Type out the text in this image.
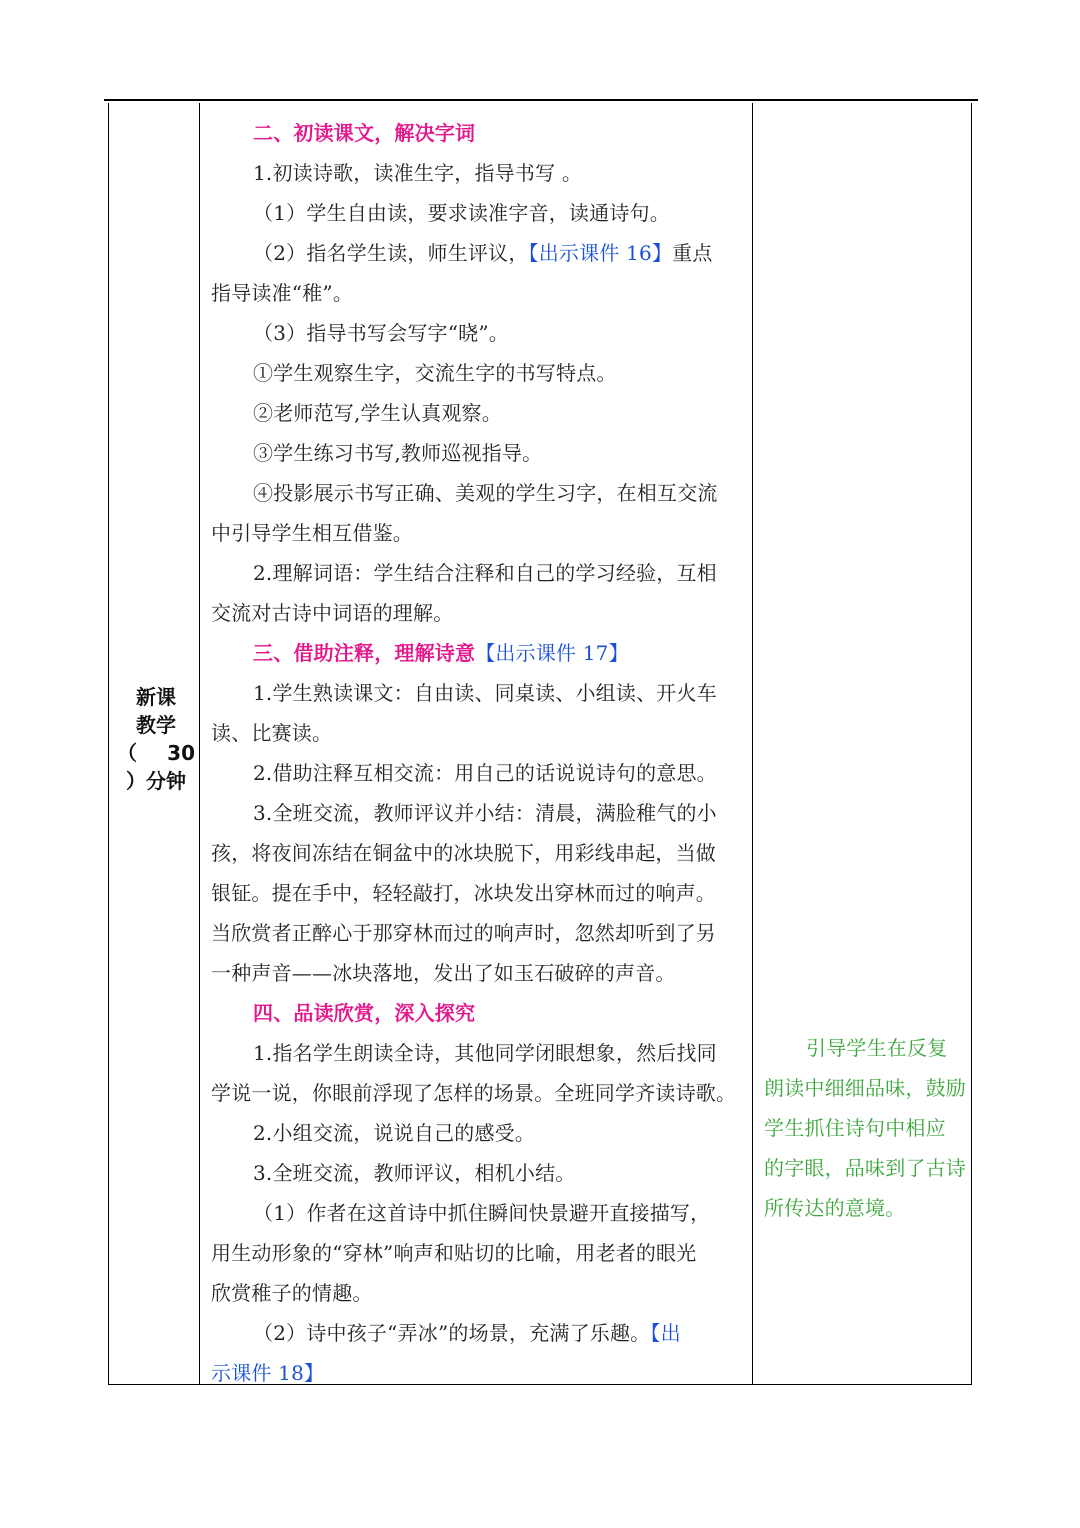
新课
教学
（ 30
）分钟

二、初读课文，解决字词

1.初读诗歌，读准生字，指导书写 。

（1）学生自由读，要求读准字音，读通诗句。

（2）指名学生读，师生评议，【出示课件 16】重点

指导读准“稚”。

（3）指导书写会写字“晓”。

①学生观察生字，交流生字的书写特点。

②老师范写,学生认真观察。

③学生练习书写,教师巡视指导。

④投影展示书写正确、美观的学生习字，在相互交流

中引导学生相互借鉴。

2.理解词语：学生结合注释和自己的学习经验，互相

交流对古诗中词语的理解。

三、借助注释，理解诗意【出示课件 17】

1.学生熟读课文：自由读、同桌读、小组读、开火车

读、比赛读。

2.借助注释互相交流：用自己的话说说诗句的意思。

3.全班交流，教师评议并小结：清晨，满脸稚气的小

孩，将夜间冻结在铜盆中的冰块脱下，用彩线串起，当做

银钲。提在手中，轻轻敲打，冰块发出穿林而过的响声。

当欣赏者正醉心于那穿林而过的响声时，忽然却听到了另

一种声音——冰块落地，发出了如玉石破碎的声音。

四、品读欣赏，深入探究

1.指名学生朗读全诗，其他同学闭眼想象，然后找同

学说一说，你眼前浮现了怎样的场景。全班同学齐读诗歌。

2.小组交流，说说自己的感受。

3.全班交流，教师评议，相机小结。

（1）作者在这首诗中抓住瞬间快景避开直接描写，

用生动形象的“穿林”响声和贴切的比喻，用老者的眼光

欣赏稚子的情趣。

（2）诗中孩子“弄冰”的场景，充满了乐趣。【出

示课件 18】

引导学生在反复

朗读中细细品味，鼓励

学生抓住诗句中相应

的字眼，品味到了古诗

所传达的意境。
